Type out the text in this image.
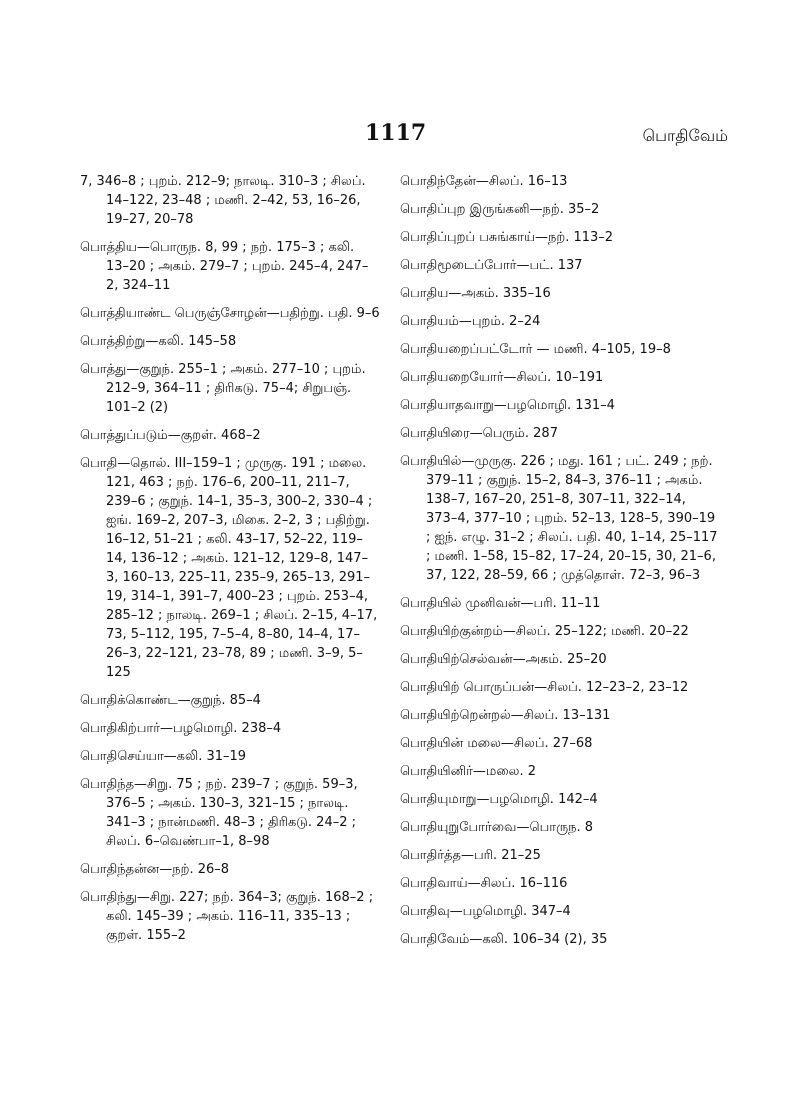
1117	பொதிவேம்
7, 346–8 ; புறம். 212–9; நாலடி. 310–3 ; சிலப். 14–122, 23–48 ; மணி. 2–42, 53, 16–26, 19–27, 20–78
பொத்திய—பொருந. 8, 99 ; நற். 175–3 ; கலி. 13–20 ; அகம். 279–7 ; புறம். 245–4, 247–2, 324–11
பொத்தியாண்ட பெருஞ்சோழன்—பதிற்று. பதி. 9–6
பொத்திற்று—கலி. 145–58
பொத்து—குறுந். 255–1 ; அகம். 277–10 ; புறம். 212–9, 364–11 ; திரிகடு. 75–4; சிறுபஞ். 101–2 (2)
பொத்துப்படும்—குறள். 468–2
பொதி—தொல். III–159–1 ; முருகு. 191 ; மலை. 121, 463 ; நற். 176–6, 200–11, 211–7, 239–6 ; குறுந். 14–1, 35–3, 300–2, 330–4 ; ஐங். 169–2, 207–3, மிகை. 2–2, 3 ; பதிற்று. 16–12, 51–21 ; கலி. 43–17, 52–22, 119–14, 136–12 ; அகம். 121–12, 129–8, 147–3, 160–13, 225–11, 235–9, 265–13, 291–19, 314–1, 391–7, 400–23 ; புறம். 253–4, 285–12 ; நாலடி. 269–1 ; சிலப். 2–15, 4–17, 73, 5–112, 195, 7–5–4, 8–80, 14–4, 17–26–3, 22–121, 23–78, 89 ; மணி. 3–9, 5–125
பொதிக்கொண்ட—குறுந். 85–4
பொதிகிற்பார்—பழமொழி. 238–4
பொதிசெய்யா—கலி. 31–19
பொதிந்த—சிறு. 75 ; நற். 239–7 ; குறுந். 59–3, 376–5 ; அகம். 130–3, 321–15 ; நாலடி. 341–3 ; நான்மணி. 48–3 ; திரிகடு. 24–2 ; சிலப். 6–வெண்பா–1, 8–98
பொதிந்தன்ன—நற். 26–8
பொதிந்து—சிறு. 227; நற். 364–3; குறுந். 168–2 ; கலி. 145–39 ; அகம். 116–11, 335–13 ; குறள். 155–2
பொதிந்தேன்—சிலப். 16–13
பொதிப்புற இருங்கனி—நற். 35–2
பொதிப்புறப் பசுங்காய்—நற். 113–2
பொதிமூடைப்போர்—பட். 137
பொதிய—அகம். 335–16
பொதியம்—புறம். 2–24
பொதியறைப்பட்டோர் — மணி. 4–105, 19–8
பொதியறையோர்—சிலப். 10–191
பொதியாதவாறு—பழமொழி. 131–4
பொதியிரை—பெரும். 287
பொதியில்—முருகு. 226 ; மது. 161 ; பட். 249 ; நற். 379–11 ; குறுந். 15–2, 84–3, 376–11 ; அகம். 138–7, 167–20, 251–8, 307–11, 322–14, 373–4, 377–10 ; புறம். 52–13, 128–5, 390–19 ; ஐந். எழு. 31–2 ; சிலப். பதி. 40, 1–14, 25–117 ; மணி. 1–58, 15–82, 17–24, 20–15, 30, 21–6, 37, 122, 28–59, 66 ; முத்தொள். 72–3, 96–3
பொதியில் முனிவன்—பரி. 11–11
பொதியிற்குன்றம்—சிலப். 25–122; மணி. 20–22
பொதியிற்செல்வன்—அகம். 25–20
பொதியிற் பொருப்பன்—சிலப். 12–23–2, 23–12
பொதியிற்றென்றல்—சிலப். 13–131
பொதியின் மலை—சிலப். 27–68
பொதியினிர்—மலை. 2
பொதியுமாறு—பழமொழி. 142–4
பொதியுறுபோர்வை—பொருந. 8
பொதிர்த்த—பரி. 21–25
பொதிவாய்—சிலப். 16–116
பொதிவு—பழமொழி. 347–4
பொதிவேம்—கலி. 106–34 (2), 35
